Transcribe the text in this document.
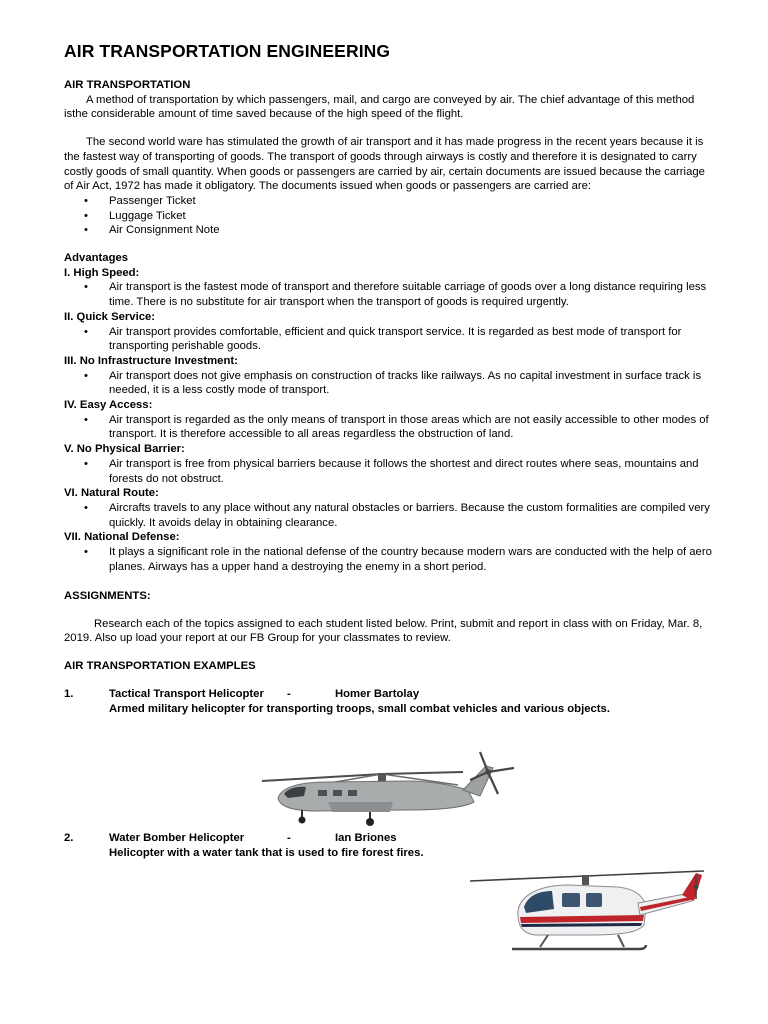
AIR TRANSPORTATION ENGINEERING
AIR TRANSPORTATION

A method of transportation by which passengers, mail, and cargo are conveyed by air. The chief advantage of this method isthe considerable amount of time saved because of the high speed of the flight.

The second world ware has stimulated the growth of air transport and it has made progress in the recent years because it is the fastest way of transporting of goods. The transport of goods through airways is costly and therefore it is designated to carry costly goods of small quantity. When goods or passengers are carried by air, certain documents are issued because the carriage of Air Act, 1972 has made it obligatory. The documents issued when goods or passengers are carried are:

• Passenger Ticket
• Luggage Ticket
• Air Consignment Note
Advantages
I. High Speed:
• Air transport is the fastest mode of transport and therefore suitable carriage of goods over a long distance requiring less time. There is no substitute for air transport when the transport of goods is required urgently.
II. Quick Service:
• Air transport provides comfortable, efficient and quick transport service. It is regarded as best mode of transport for transporting perishable goods.
III. No Infrastructure Investment:
• Air transport does not give emphasis on construction of tracks like railways. As no capital investment in surface track is needed, it is a less costly mode of transport.
IV. Easy Access:
• Air transport is regarded as the only means of transport in those areas which are not easily accessible to other modes of transport. It is therefore accessible to all areas regardless the obstruction of land.
V. No Physical Barrier:
• Air transport is free from physical barriers because it follows the shortest and direct routes where seas, mountains and forests do not obstruct.
VI. Natural Route:
• Aircrafts travels to any place without any natural obstacles or barriers. Because the custom formalities are compiled very quickly. It avoids delay in obtaining clearance.
VII. National Defense:
• It plays a significant role in the national defense of the country because modern wars are conducted with the help of aero planes. Airways has a upper hand a destroying the enemy in a short period.
ASSIGNMENTS:

Research each of the topics assigned to each student listed below. Print, submit and report in class with on Friday, Mar. 8, 2019. Also up load your report at our FB Group for your classmates to review.

AIR TRANSPORTATION EXAMPLES
1.	Tactical Transport Helicopter	-	Homer Bartolay
Armed military helicopter for transporting troops, small combat vehicles and various objects.
2.	Water Bomber Helicopter	-	Ian Briones
Helicopter with a water tank that is used to fire forest fires.
